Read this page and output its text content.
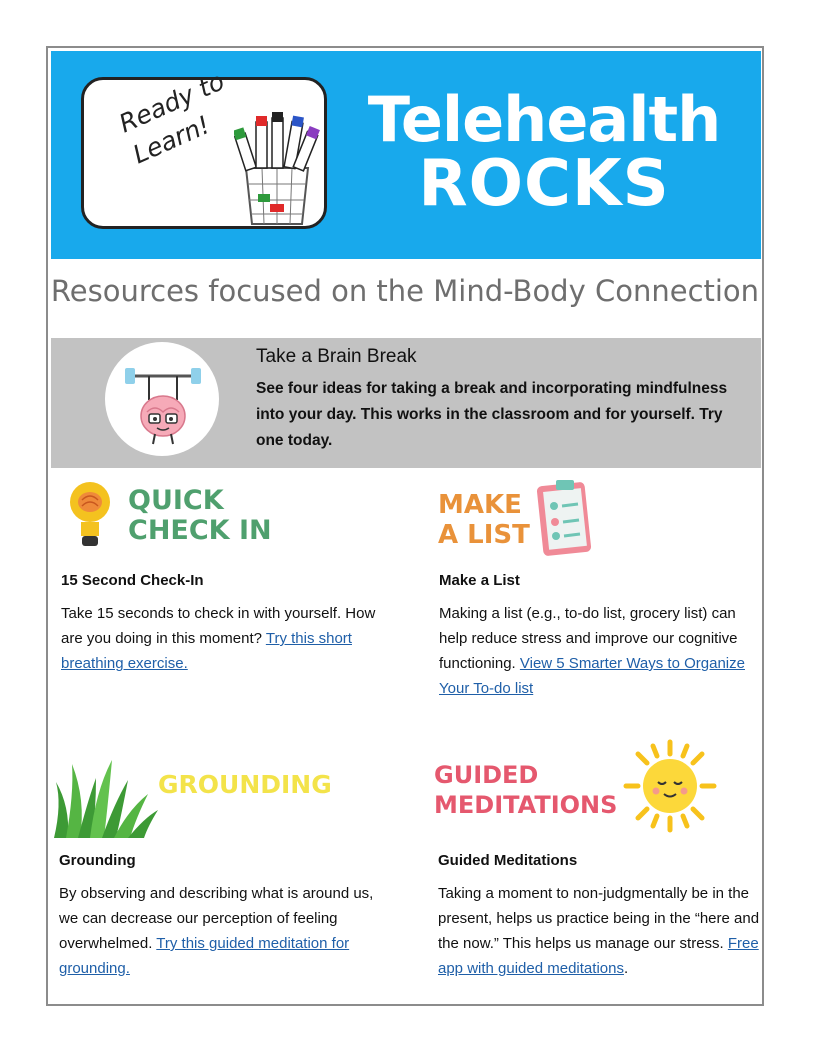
Ready to
Learn!	Telehealth
ROCKS
Resources focused on the Mind-Body Connection
Take a Brain Break
See four ideas for taking a break and incorporating mindfulness into your day. This works in the classroom and for yourself. Try one today.
QUICK
CHECK IN
MAKE
A LIST
15 Second Check-In
Take 15 seconds to check in with yourself. How are you doing in this moment? Try this short breathing exercise.
Make a List
Making a list (e.g., to-do list, grocery list) can help reduce stress and improve our cognitive functioning. View 5 Smarter Ways to Organize Your To-do list
GROUNDING	GUIDED
MEDITATIONS
Grounding
By observing and describing what is around us, we can decrease our perception of feeling overwhelmed. Try this guided meditation for grounding.
Guided Meditations
Taking a moment to non-judgmentally be in the present, helps us practice being in the “here and the now.” This helps us manage our stress. Free app with guided meditations.
